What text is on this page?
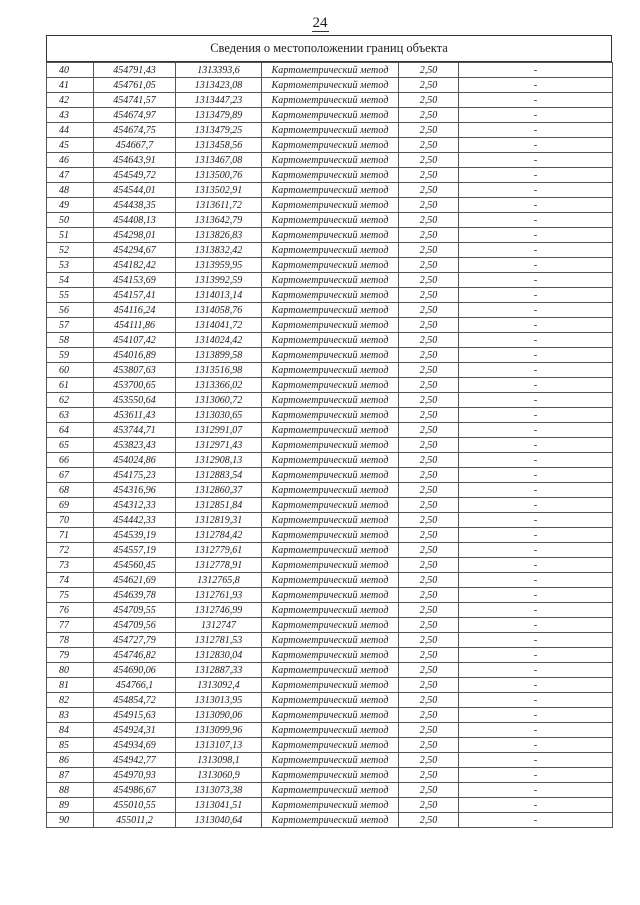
24
Сведения о местоположении границ объекта
40	454791,43	1313393,6	Картометрический метод	2,50	-
41	454761,05	1313423,08	Картометрический метод	2,50	-
42	454741,57	1313447,23	Картометрический метод	2,50	-
43	454674,97	1313479,89	Картометрический метод	2,50	-
44	454674,75	1313479,25	Картометрический метод	2,50	-
45	454667,7	1313458,56	Картометрический метод	2,50	-
46	454643,91	1313467,08	Картометрический метод	2,50	-
47	454549,72	1313500,76	Картометрический метод	2,50	-
48	454544,01	1313502,91	Картометрический метод	2,50	-
49	454438,35	1313611,72	Картометрический метод	2,50	-
50	454408,13	1313642,79	Картометрический метод	2,50	-
51	454298,01	1313826,83	Картометрический метод	2,50	-
52	454294,67	1313832,42	Картометрический метод	2,50	-
53	454182,42	1313959,95	Картометрический метод	2,50	-
54	454153,69	1313992,59	Картометрический метод	2,50	-
55	454157,41	1314013,14	Картометрический метод	2,50	-
56	454116,24	1314058,76	Картометрический метод	2,50	-
57	454111,86	1314041,72	Картометрический метод	2,50	-
58	454107,42	1314024,42	Картометрический метод	2,50	-
59	454016,89	1313899,58	Картометрический метод	2,50	-
60	453807,63	1313516,98	Картометрический метод	2,50	-
61	453700,65	1313366,02	Картометрический метод	2,50	-
62	453550,64	1313060,72	Картометрический метод	2,50	-
63	453611,43	1313030,65	Картометрический метод	2,50	-
64	453744,71	1312991,07	Картометрический метод	2,50	-
65	453823,43	1312971,43	Картометрический метод	2,50	-
66	454024,86	1312908,13	Картометрический метод	2,50	-
67	454175,23	1312883,54	Картометрический метод	2,50	-
68	454316,96	1312860,37	Картометрический метод	2,50	-
69	454312,33	1312851,84	Картометрический метод	2,50	-
70	454442,33	1312819,31	Картометрический метод	2,50	-
71	454539,19	1312784,42	Картометрический метод	2,50	-
72	454557,19	1312779,61	Картометрический метод	2,50	-
73	454560,45	1312778,91	Картометрический метод	2,50	-
74	454621,69	1312765,8	Картометрический метод	2,50	-
75	454639,78	1312761,93	Картометрический метод	2,50	-
76	454709,55	1312746,99	Картометрический метод	2,50	-
77	454709,56	1312747	Картометрический метод	2,50	-
78	454727,79	1312781,53	Картометрический метод	2,50	-
79	454746,82	1312830,04	Картометрический метод	2,50	-
80	454690,06	1312887,33	Картометрический метод	2,50	-
81	454766,1	1313092,4	Картометрический метод	2,50	-
82	454854,72	1313013,95	Картометрический метод	2,50	-
83	454915,63	1313090,06	Картометрический метод	2,50	-
84	454924,31	1313099,96	Картометрический метод	2,50	-
85	454934,69	1313107,13	Картометрический метод	2,50	-
86	454942,77	1313098,1	Картометрический метод	2,50	-
87	454970,93	1313060,9	Картометрический метод	2,50	-
88	454986,67	1313073,38	Картометрический метод	2,50	-
89	455010,55	1313041,51	Картометрический метод	2,50	-
90	455011,2	1313040,64	Картометрический метод	2,50	-
